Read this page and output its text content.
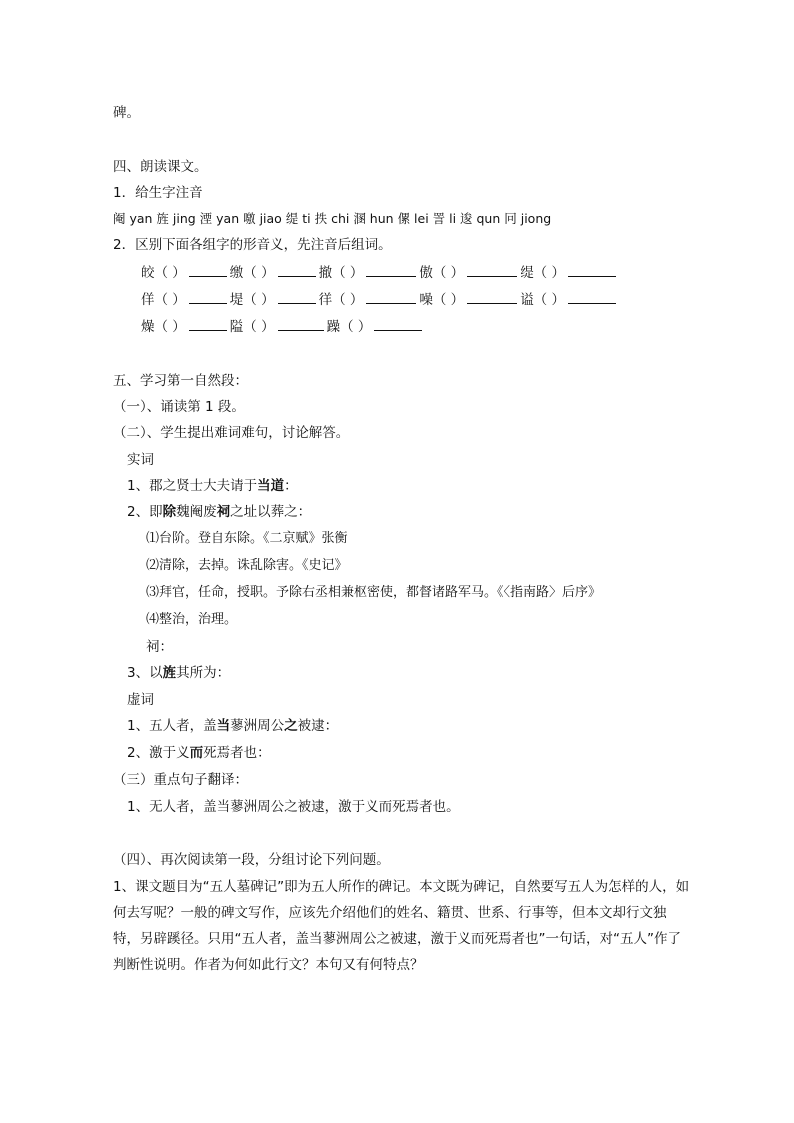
碑。
四、朗读课文。
1．给生字注音
阉 yan 旌 jing 湮 yan 噭 jiao 缇 ti 抶 chi 溷 hun 傫 lei 詈 li 逡 qun 冋 jiong
2．区别下面各组字的形音义，先注音后组词。
皎（ ）	缴（ ）	撤（ ）	傲（ ）	缇（ ）
佯（ ）	堤（ ）	徉（ ）	噪（ ）	谥（ ）
燥（ ）	隘（ ）	躁（ ）
五、学习第一自然段：
（一）、诵读第 1 段。
（二）、学生提出难词难句，讨论解答。
实词
1、郡之贤士大夫请于当道：
2、即除魏阉废祠之址以葬之：
⑴台阶。登自东除。《二京赋》张衡
⑵清除，去掉。诛乱除害。《史记》
⑶拜官，任命，授职。予除右丞相兼枢密使，都督诸路军马。《〈指南路〉后序》
⑷整治，治理。
祠：
3、以旌其所为：
虚词
1、五人者，盖当蓼洲周公之被逮：
2、激于义而死焉者也：
（三）重点句子翻译：
1、无人者，盖当蓼洲周公之被逮，激于义而死焉者也。
（四）、再次阅读第一段，分组讨论下列问题。
1、课文题目为“五人墓碑记”即为五人所作的碑记。本文既为碑记，自然要写五人为怎样的人，如何去写呢？一般的碑文写作，应该先介绍他们的姓名、籍贯、世系、行事等，但本文却行文独特，另辟蹊径。只用“五人者，盖当蓼洲周公之被逮，激于义而死焉者也”一句话，对“五人”作了判断性说明。作者为何如此行文？本句又有何特点？
